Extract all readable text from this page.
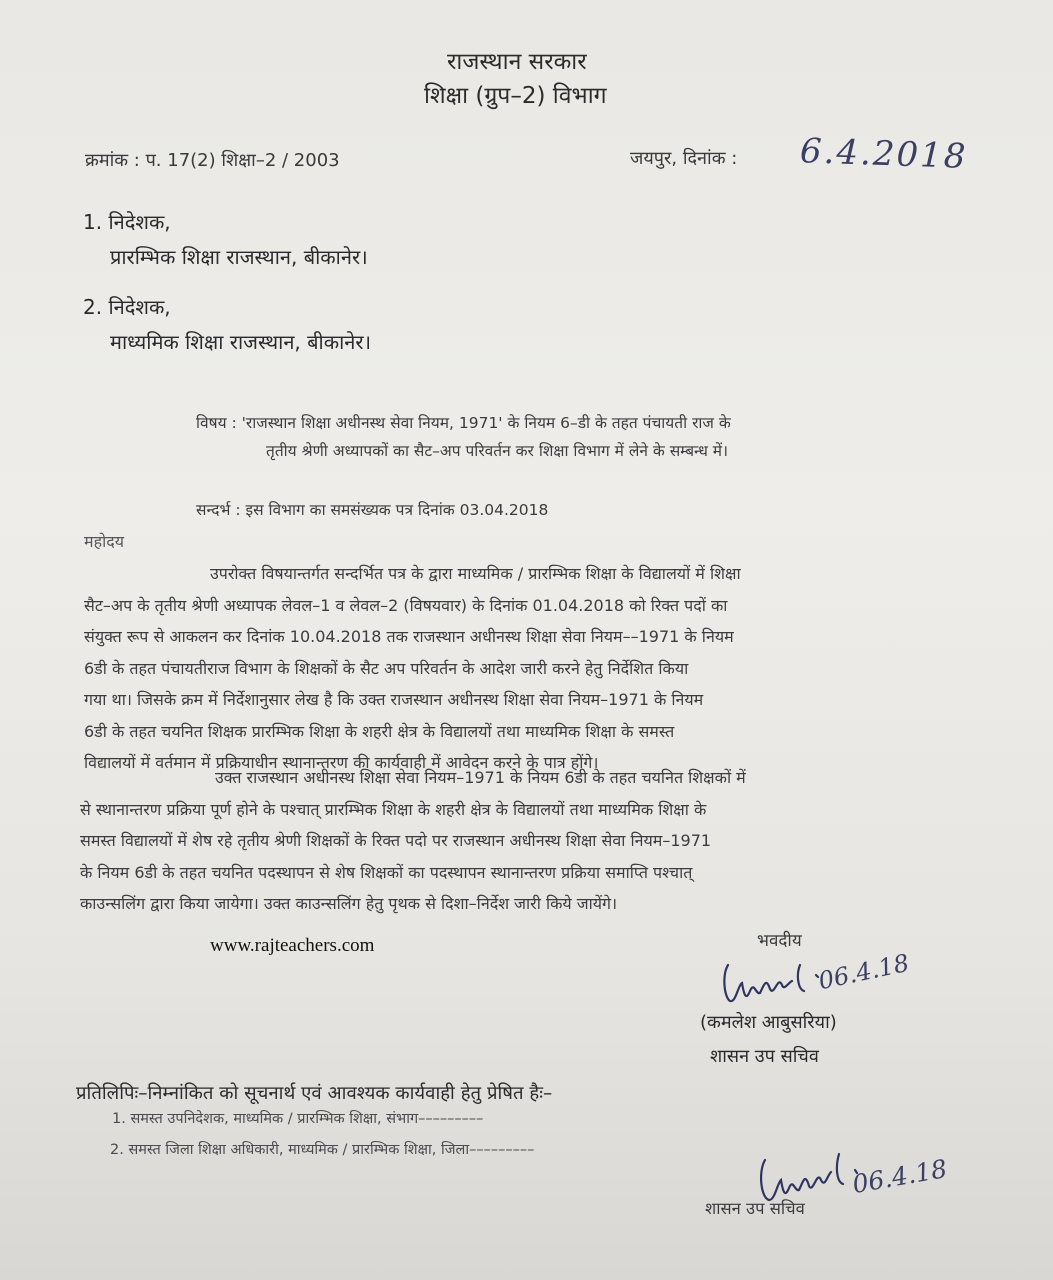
राजस्थान सरकार
शिक्षा (ग्रुप–2) विभाग
क्रमांक : प. 17(2) शिक्षा–2 / 2003	जयपुर, दिनांक : 6.4.2018
1. निदेशक,
प्रारम्भिक शिक्षा राजस्थान, बीकानेर।
2. निदेशक,
माध्यमिक शिक्षा राजस्थान, बीकानेर।
विषय : 'राजस्थान शिक्षा अधीनस्थ सेवा नियम, 1971' के नियम 6–डी के तहत पंचायती राज के
तृतीय श्रेणी अध्यापकों का सैट–अप परिवर्तन कर शिक्षा विभाग में लेने के सम्बन्ध में।
सन्दर्भ : इस विभाग का समसंख्यक पत्र दिनांक 03.04.2018
महोदय
उपरोक्त विषयान्तर्गत सन्दर्भित पत्र के द्वारा माध्यमिक / प्रारम्भिक शिक्षा के विद्यालयों में शिक्षा
सैट–अप के तृतीय श्रेणी अध्यापक लेवल–1 व लेवल–2 (विषयवार) के दिनांक 01.04.2018 को रिक्त पदों का
संयुक्त रूप से आकलन कर दिनांक 10.04.2018 तक राजस्थान अधीनस्थ शिक्षा सेवा नियम––1971 के नियम
6डी के तहत पंचायतीराज विभाग के शिक्षकों के सैट अप परिवर्तन के आदेश जारी करने हेतु निर्देशित किया
गया था। जिसके क्रम में निर्देशानुसार लेख है कि उक्त राजस्थान अधीनस्थ शिक्षा सेवा नियम–1971 के नियम
6डी के तहत चयनित शिक्षक प्रारम्भिक शिक्षा के शहरी क्षेत्र के विद्यालयों तथा माध्यमिक शिक्षा के समस्त
विद्यालयों में वर्तमान में प्रक्रियाधीन स्थानान्तरण की कार्यवाही में आवेदन करने के पात्र होंगे।
उक्त राजस्थान अधीनस्थ शिक्षा सेवा नियम–1971 के नियम 6डी के तहत चयनित शिक्षकों में
से स्थानान्तरण प्रक्रिया पूर्ण होने के पश्चात् प्रारम्भिक शिक्षा के शहरी क्षेत्र के विद्यालयों तथा माध्यमिक शिक्षा के
समस्त विद्यालयों में शेष रहे तृतीय श्रेणी शिक्षकों के रिक्त पदो पर राजस्थान अधीनस्थ शिक्षा सेवा नियम–1971
के नियम 6डी के तहत चयनित पदस्थापन से शेष शिक्षकों का पदस्थापन स्थानान्तरण प्रक्रिया समाप्ति पश्चात्
काउन्सलिंग द्वारा किया जायेगा। उक्त काउन्सलिंग हेतु पृथक से दिशा–निर्देश जारी किये जायेंगे।
www.rajteachers.com	भवदीय
06.4.18
(कमलेश आबुसरिया)
शासन उप सचिव
प्रतिलिपिः–निम्नांकित को सूचनार्थ एवं आवश्यक कार्यवाही हेतु प्रेषित हैः–
1. समस्त उपनिदेशक, माध्यमिक / प्रारम्भिक शिक्षा, संभाग–––––––––
2. समस्त जिला शिक्षा अधिकारी, माध्यमिक / प्रारम्भिक शिक्षा, जिला–––––––––
06.4.18
शासन उप सचिव
